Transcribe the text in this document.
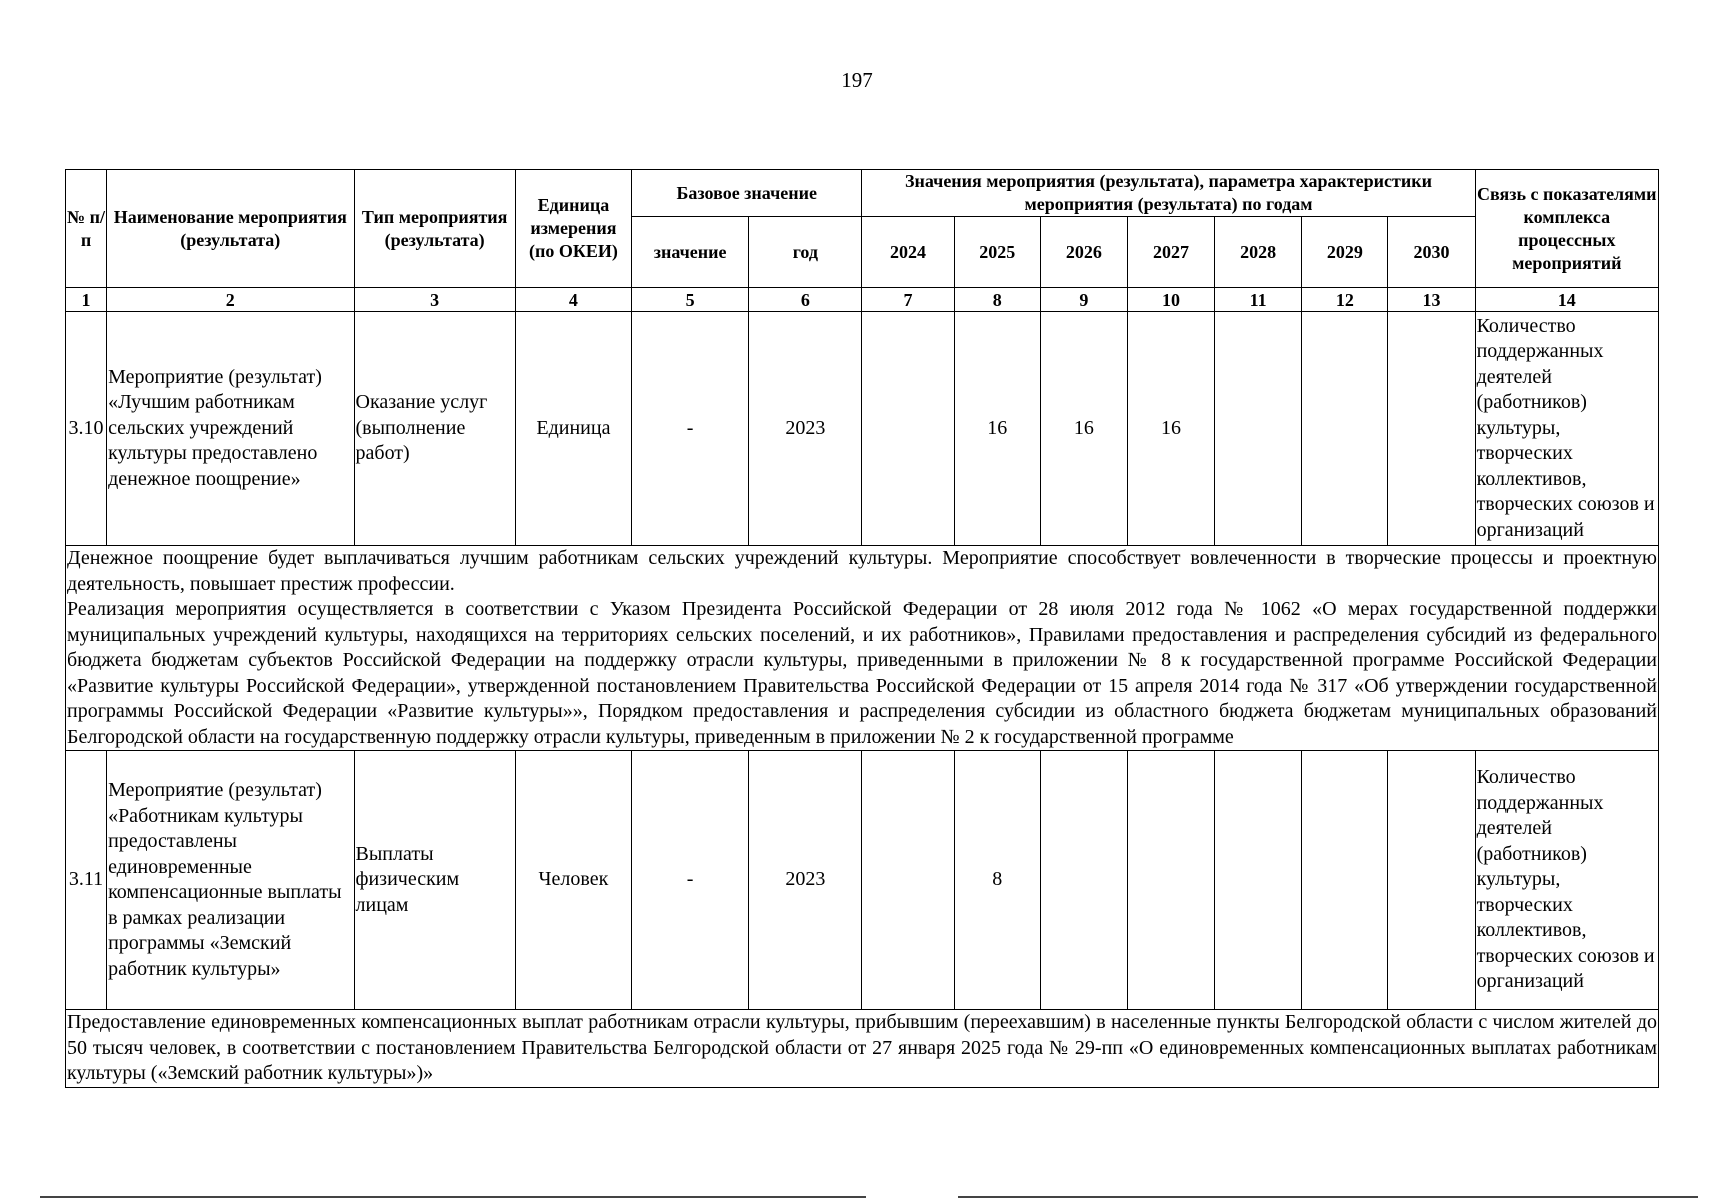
197
№ п/п	Наименование мероприятия (результата)	Тип мероприятия (результата)	Единица измерения (по ОКЕИ)	Базовое значение		Значения мероприятия (результата), параметра характеристики мероприятия (результата) по годам							Связь с показателями комплекса процессных мероприятий
				значение	год	2024	2025	2026	2027	2028	2029	2030	
1	2	3	4	5	6	7	8	9	10	11	12	13	14
3.10	Мероприятие (результат) «Лучшим работникам сельских учреждений культуры предоставлено денежное поощрение»	Оказание услуг (выполнение работ)	Единица	-	2023		16	16	16				Количество поддержанных деятелей (работников) культуры, творческих коллективов, творческих союзов и организаций

Денежное поощрение будет выплачиваться лучшим работникам сельских учреждений культуры. Мероприятие способствует вовлеченности в творческие процессы и проектную деятельность, повышает престиж профессии.
Реализация мероприятия осуществляется в соответствии с Указом Президента Российской Федерации от 28 июля 2012 года № 1062 «О мерах государственной поддержки муниципальных учреждений культуры, находящихся на территориях сельских поселений, и их работников», Правилами предоставления и распределения субсидий из федерального бюджета бюджетам субъектов Российской Федерации на поддержку отрасли культуры, приведенными в приложении № 8 к государственной программе Российской Федерации «Развитие культуры Российской Федерации», утвержденной постановлением Правительства Российской Федерации от 15 апреля 2014 года № 317 «Об утверждении государственной программы Российской Федерации «Развитие культуры»», Порядком предоставления и распределения субсидии из областного бюджета бюджетам муниципальных образований Белгородской области на государственную поддержку отрасли культуры, приведенным в приложении № 2 к государственной программе													

3.11	Мероприятие (результат) «Работникам культуры предоставлены единовременные компенсационные выплаты в рамках реализации программы «Земский работник культуры»	Выплаты физическим лицам	Человек	-	2023		8						Количество поддержанных деятелей (работников) культуры, творческих коллективов, творческих союзов и организаций

Предоставление единовременных компенсационных выплат работникам отрасли культуры, прибывшим (переехавшим) в населенные пункты Белгородской области с числом жителей до 50 тысяч человек, в соответствии с постановлением Правительства Белгородской области от 27 января 2025 года № 29-пп «О единовременных компенсационных выплатах работникам культуры («Земский работник культуры»)»													
